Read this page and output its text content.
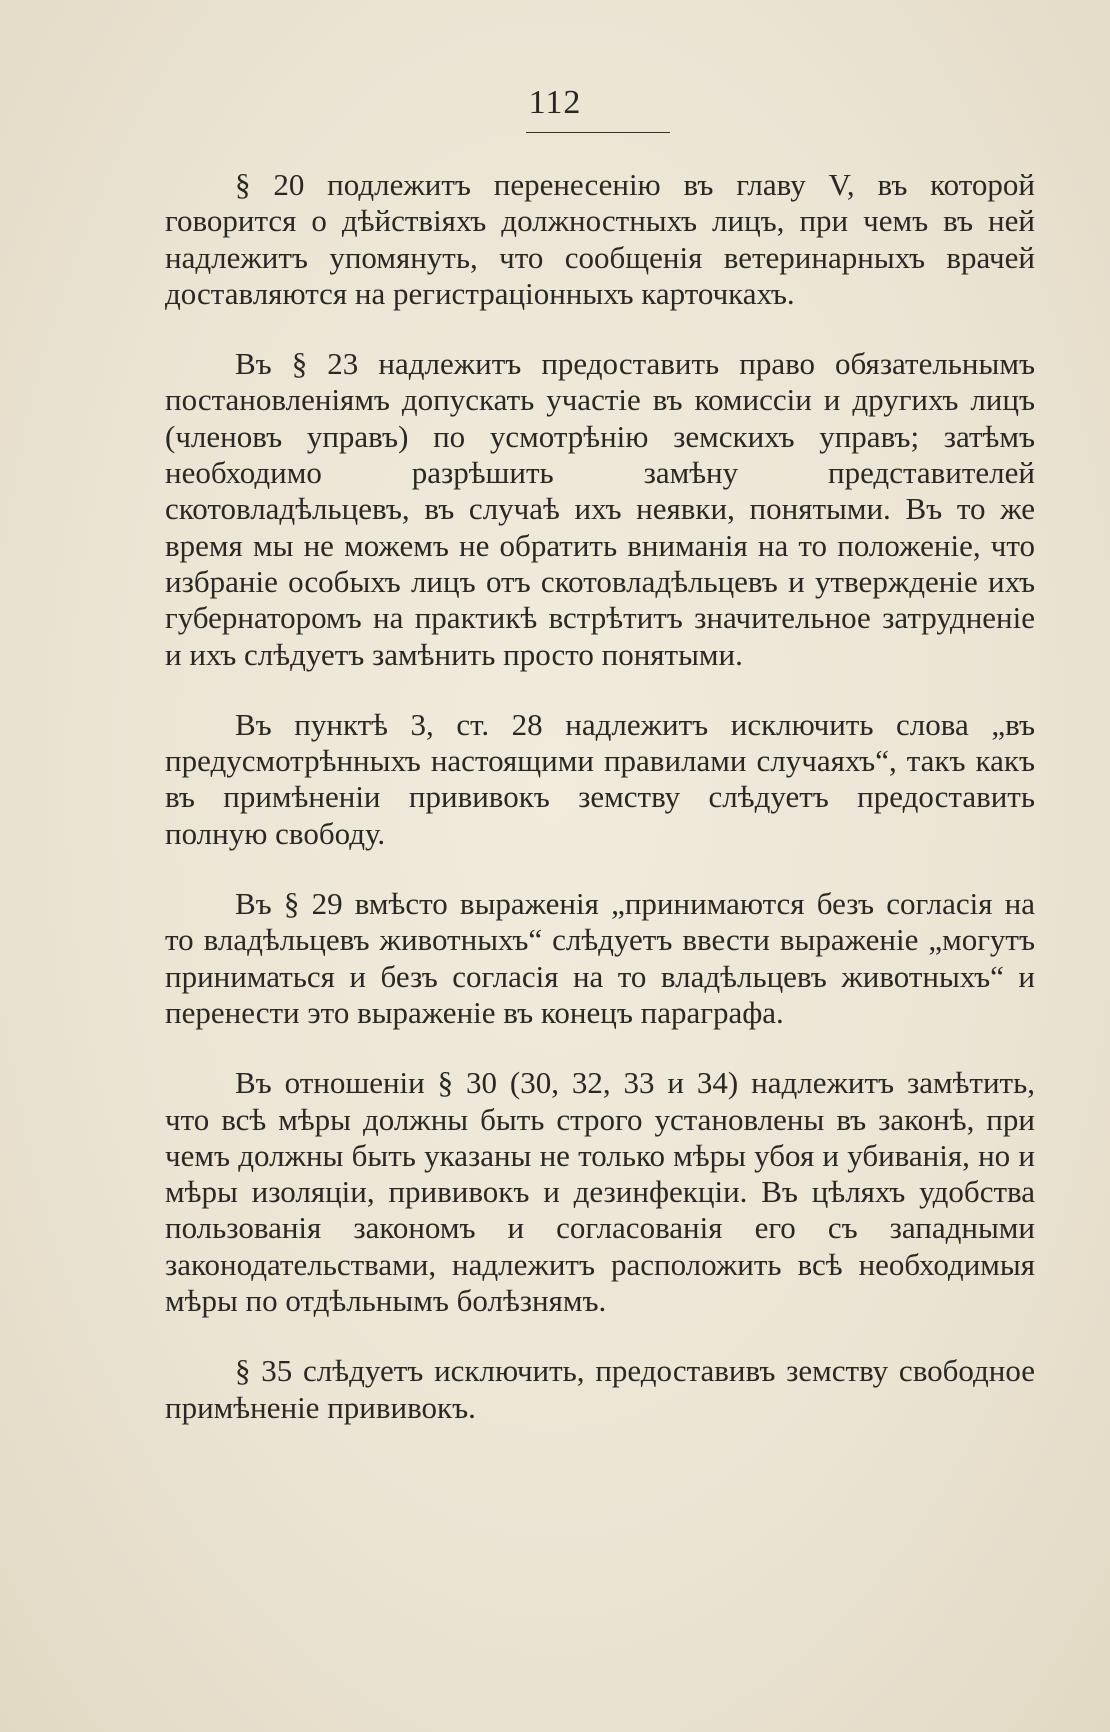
112

§ 20 подлежитъ перенесенію въ главу V, въ которой говорится о дѣйствіяхъ должностныхъ лицъ, при чемъ въ ней надлежитъ упомянуть, что сообщенія ветеринарныхъ врачей доставляются на регистраціонныхъ карточкахъ.

Въ § 23 надлежитъ предоставить право обязательнымъ постановленіямъ допускать участіе въ комиссіи и другихъ лицъ (членовъ управъ) по усмотрѣнію земскихъ управъ; затѣмъ необходимо разрѣшить замѣну представителей скотовладѣльцевъ, въ случаѣ ихъ неявки, понятыми. Въ то же время мы не можемъ не обратить вниманія на то положеніе, что избраніе особыхъ лицъ отъ скотовладѣльцевъ и утвержденіе ихъ губернаторомъ на практикѣ встрѣтитъ значительное затрудненіе и ихъ слѣдуетъ замѣнить просто понятыми.

Въ пунктѣ 3, ст. 28 надлежитъ исключить слова „въ предусмотрѣнныхъ настоящими правилами случаяхъ“, такъ какъ въ примѣненіи прививокъ земству слѣдуетъ предоставить полную свободу.

Въ § 29 вмѣсто выраженія „принимаются безъ согласія на то владѣльцевъ животныхъ“ слѣдуетъ ввести выраженіе „могутъ приниматься и безъ согласія на то владѣльцевъ животныхъ“ и перенести это выраженіе въ конецъ параграфа.

Въ отношеніи § 30 (30, 32, 33 и 34) надлежитъ замѣтить, что всѣ мѣры должны быть строго установлены въ законѣ, при чемъ должны быть указаны не только мѣры убоя и убиванія, но и мѣры изоляціи, прививокъ и дезинфекціи. Въ цѣляхъ удобства пользованія закономъ и согласованія его съ западными законодательствами, надлежитъ расположить всѣ необходимыя мѣры по отдѣльнымъ болѣзнямъ.

§ 35 слѣдуетъ исключить, предоставивъ земству свободное примѣненіе прививокъ.
